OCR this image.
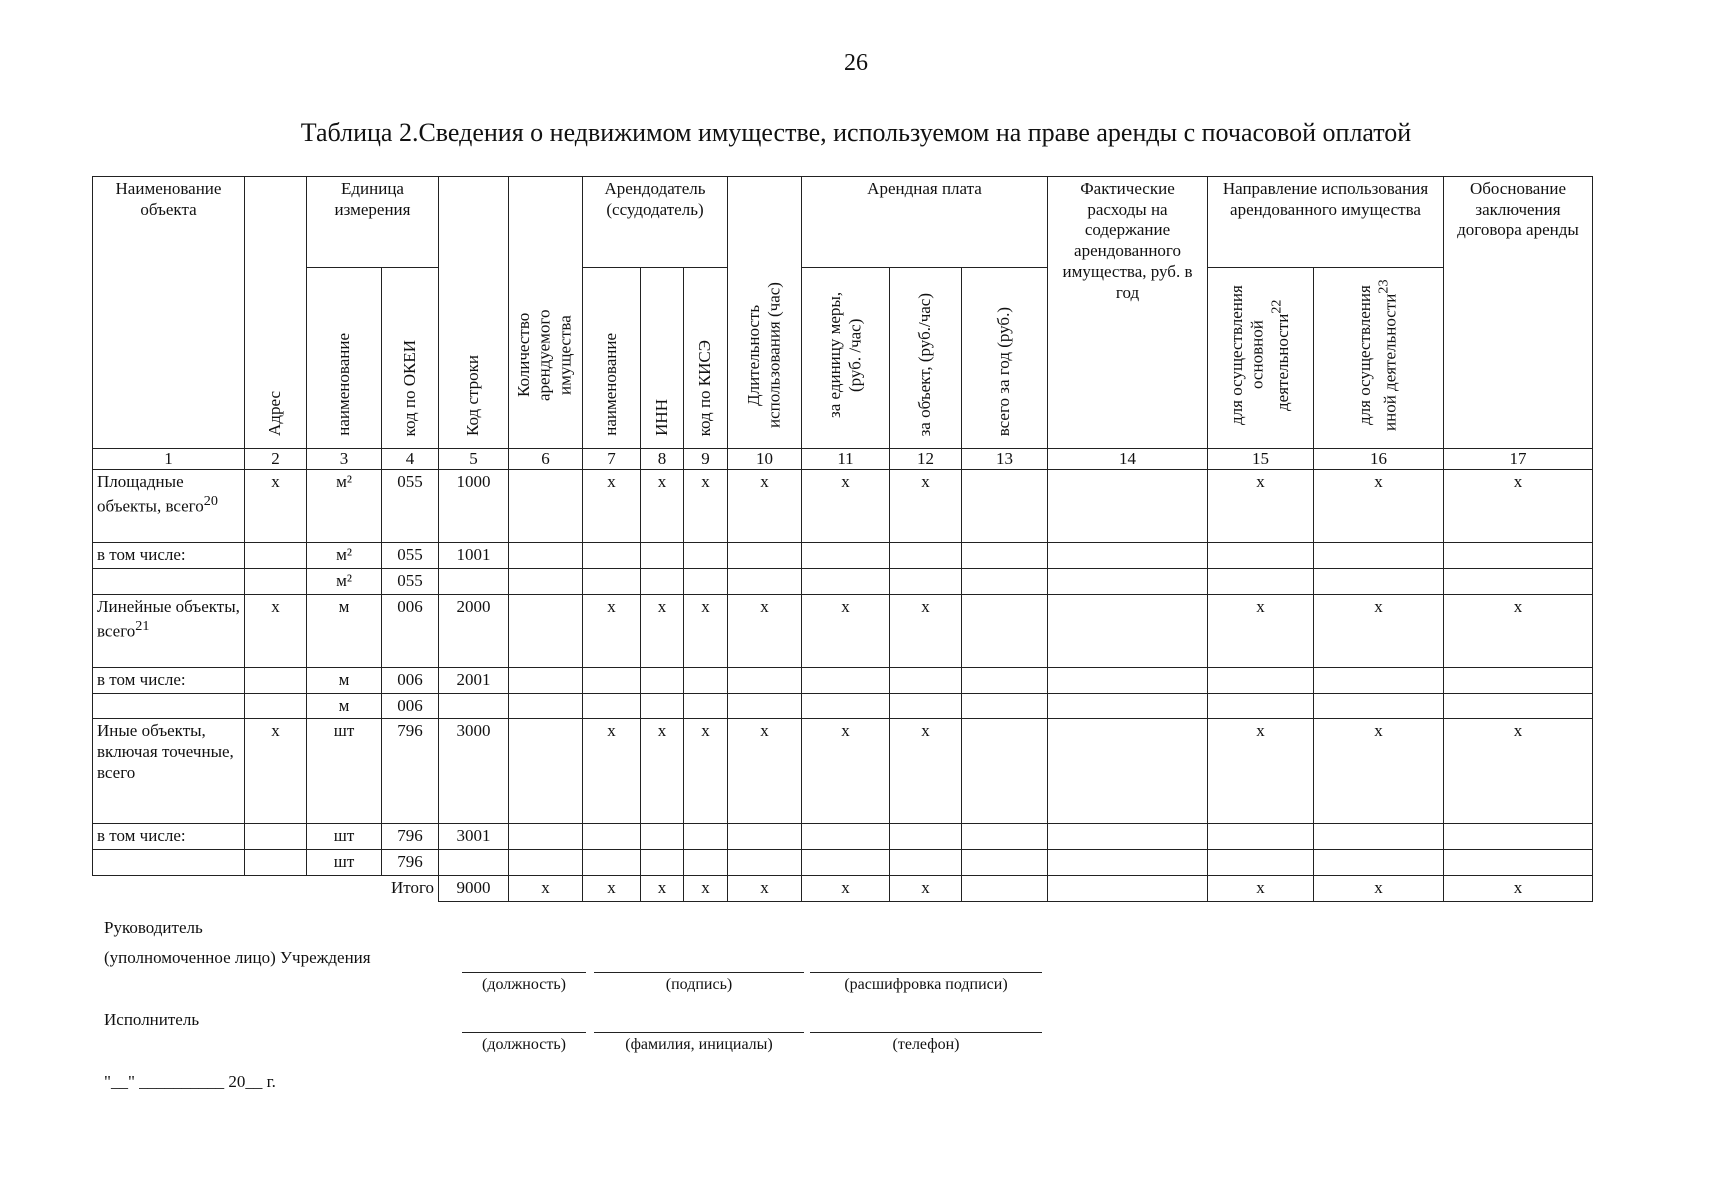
26
Таблица 2.Сведения о недвижимом имуществе, используемом на праве аренды с почасовой оплатой
Наименование объекта	Адрес	Единица измерения		Код строки	Количество арендуемого имущества	Арендодатель (ссудодатель)			Длительность использования (час)	Арендная плата			Фактические расходы на содержание арендованного имущества, руб. в год	Направление использования арендованного имущества		Обоснование заключения договора аренды
		наименование	код по ОКЕИ			наименование	ИНН	код по КИСЭ		за единицу меры, (руб. /час)	за объект, (руб./час)	всего за год (руб.)		для осуществления основной деятельности$^{22}$	для осуществления иной деятельности$^{23}$
1	2	3	4	5	6	7	8	9	10	11	12	13	14	15	16	17
Площадные объекты, всего$^{20}$	x	м²	055	1000		x	x	x	x	x	x			x	x	x
в том числе:		м²	055	1001												
		м²	055													
Линейные объекты, всего$^{21}$	x	м	006	2000		x	x	x	x	x	x			x	x	x
в том числе:		м	006	2001												
		м	006													
Иные объекты, включая точечные, всего	x	шт	796	3000		x	x	x	x	x	x			x	x	x
в том числе:		шт	796	3001												
		шт	796													
Итого				9000	x	x	x	x	x	x	x			x	x	x
Руководитель
(уполномоченное лицо) Учреждения
(должность)	(подпись)	(расшифровка подписи)
Исполнитель
(должность)	(фамилия, инициалы)	(телефон)
"__" __________ 20__ г.
